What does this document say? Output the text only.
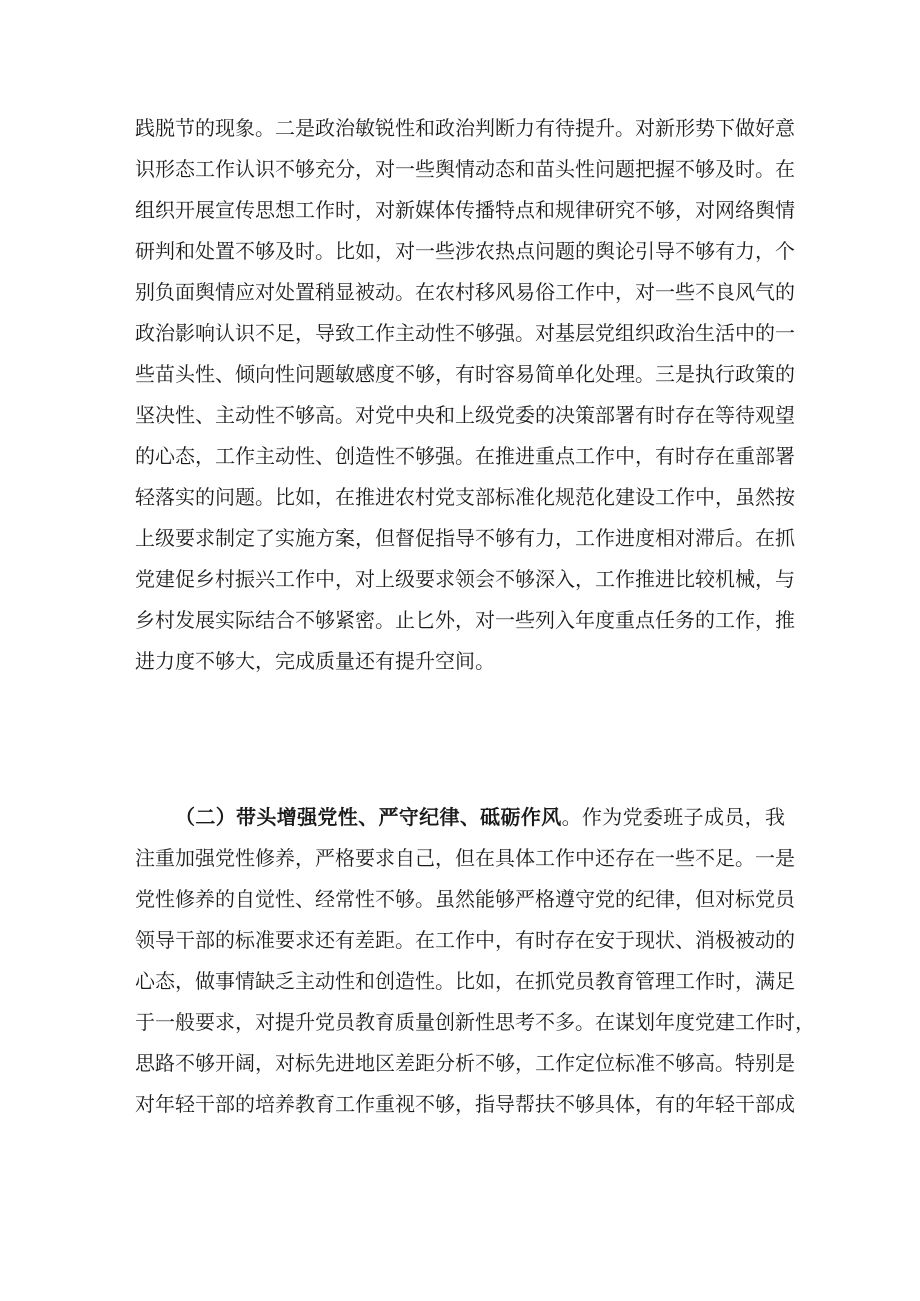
践脱节的现象。二是政治敏锐性和政治判断力有待提升。对新形势下做好意
识形态工作认识不够充分，对一些舆情动态和苗头性问题把握不够及时。在
组织开展宣传思想工作时，对新媒体传播特点和规律研究不够，对网络舆情
研判和处置不够及时。比如，对一些涉农热点问题的舆论引导不够有力，个
别负面舆情应对处置稍显被动。在农村移风易俗工作中，对一些不良风气的
政治影响认识不足，导致工作主动性不够强。对基层党组织政治生活中的一
些苗头性、倾向性问题敏感度不够，有时容易简单化处理。三是执行政策的
坚决性、主动性不够高。对党中央和上级党委的决策部署有时存在等待观望
的心态，工作主动性、创造性不够强。在推进重点工作中，有时存在重部署
轻落实的问题。比如，在推进农村党支部标准化规范化建设工作中，虽然按
上级要求制定了实施方案，但督促指导不够有力，工作进度相对滞后。在抓
党建促乡村振兴工作中，对上级要求领会不够深入，工作推进比较机械，与
乡村发展实际结合不够紧密。止匕外，对一些列入年度重点任务的工作，推
进力度不够大，完成质量还有提升空间。
（二）带头增强党性、严守纪律、砥砺作风。作为党委班子成员，我
注重加强党性修养，严格要求自己，但在具体工作中还存在一些不足。一是
党性修养的自觉性、经常性不够。虽然能够严格遵守党的纪律，但对标党员
领导干部的标准要求还有差距。在工作中，有时存在安于现状、消极被动的
心态，做事情缺乏主动性和创造性。比如，在抓党员教育管理工作时，满足
于一般要求，对提升党员教育质量创新性思考不多。在谋划年度党建工作时，
思路不够开阔，对标先进地区差距分析不够，工作定位标准不够高。特别是
对年轻干部的培养教育工作重视不够，指导帮扶不够具体，有的年轻干部成
